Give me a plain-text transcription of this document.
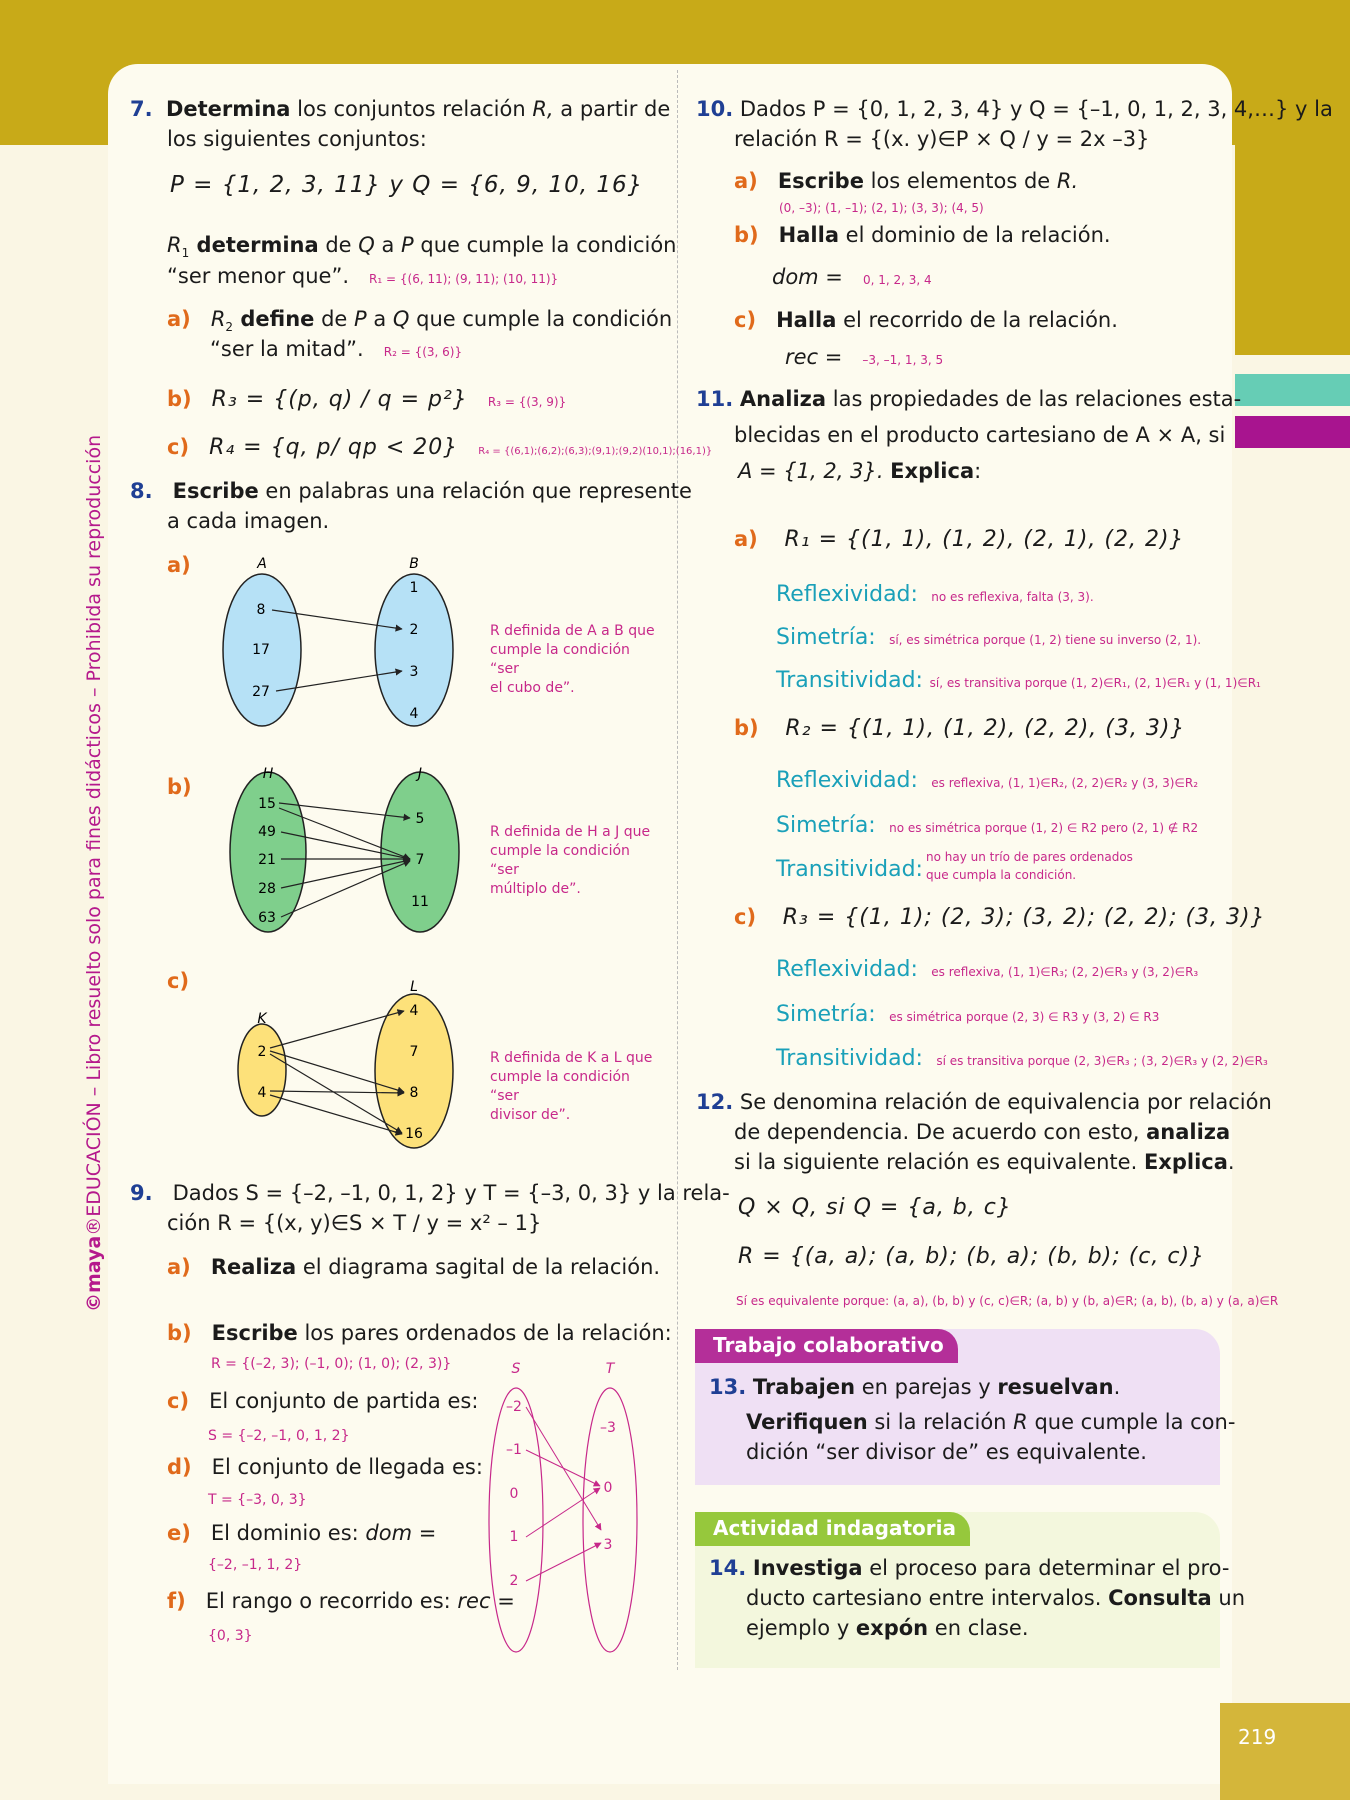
219
©maya®EDUCACIÓN – Libro resuelto solo para fines didácticos – Prohibida su reproducción
7. Determina los conjuntos relación R, a partir de
los siguientes conjuntos:
P = {1, 2, 3, 11} y Q = {6, 9, 10, 16}
$R_1$ determina de Q a P que cumple la condición
“ser menor que”. R₁ = {(6, 11); (9, 11); (10, 11)}
a) $R_2$ define de P a Q que cumple la condición
“ser la mitad”. R₂ = {(3, 6)}
b) R₃ = {(p, q) / q = p²} R₃ = {(3, 9)}
c) R₄ = {q, p/ qp < 20} R₄ = {(6,1);(6,2);(6,3);(9,1);(9,2)(10,1);(16,1)}
8. Escribe en palabras una relación que represente
a cada imagen.
a)
b)
c)
A	B
8
17
27
1
2
3
4
H	J
15
49
21
28
63
5
7
11
K
L
2
4
4
7
8
16
S	T
–2
–1
0
1
2
–3
0
3
R definida de A a B que
cumple la condición “ser
el cubo de”.
R definida de H a J que
cumple la condición “ser
múltiplo de”.
R definida de K a L que
cumple la condición “ser
divisor de”.
9. Dados S = {–2, –1, 0, 1, 2} y T = {–3, 0, 3} y la rela-
ción R = {(x, y)∈S × T / y = x² – 1}
a) Realiza el diagrama sagital de la relación.
b) Escribe los pares ordenados de la relación:
R = {(–2, 3); (–1, 0); (1, 0); (2, 3)}
c) El conjunto de partida es:
S = {–2, –1, 0, 1, 2}
d) El conjunto de llegada es:
T = {–3, 0, 3}
e) El dominio es: dom =
{–2, –1, 1, 2}
f) El rango o recorrido es: rec =
{0, 3}
10. Dados P = {0, 1, 2, 3, 4} y Q = {–1, 0, 1, 2, 3, 4,…} y la
relación R = {(x. y)∈P × Q / y = 2x –3}
a) Escribe los elementos de R.
(0, –3); (1, –1); (2, 1); (3, 3); (4, 5)
b) Halla el dominio de la relación.
dom = 0, 1, 2, 3, 4
c) Halla el recorrido de la relación.
rec = –3, –1, 1, 3, 5
11. Analiza las propiedades de las relaciones esta-
blecidas en el producto cartesiano de A × A, si
A = {1, 2, 3}. Explica:
a) R₁ = {(1, 1), (1, 2), (2, 1), (2, 2)}
Reflexividad: no es reflexiva, falta (3, 3).
Simetría: sí, es simétrica porque (1, 2) tiene su inverso (2, 1).
Transitividad: sí, es transitiva porque (1, 2)∈R₁, (2, 1)∈R₁ y (1, 1)∈R₁
b) R₂ = {(1, 1), (1, 2), (2, 2), (3, 3)}
Reflexividad: es reflexiva, (1, 1)∈R₂, (2, 2)∈R₂ y (3, 3)∈R₂
Simetría: no es simétrica porque (1, 2) ∈ R2 pero (2, 1) ∉ R2
Transitividad: no hay un trío de pares ordenados
que cumpla la condición.
c) R₃ = {(1, 1); (2, 3); (3, 2); (2, 2); (3, 3)}
Reflexividad: es reflexiva, (1, 1)∈R₃; (2, 2)∈R₃ y (3, 2)∈R₃
Simetría: es simétrica porque (2, 3) ∈ R3 y (3, 2) ∈ R3
Transitividad: sí es transitiva porque (2, 3)∈R₃ ; (3, 2)∈R₃ y (2, 2)∈R₃
12. Se denomina relación de equivalencia por relación
de dependencia. De acuerdo con esto, analiza
si la siguiente relación es equivalente. Explica.
Q × Q, si Q = {a, b, c}
R = {(a, a); (a, b); (b, a); (b, b); (c, c)}
Sí es equivalente porque: (a, a), (b, b) y (c, c)∈R; (a, b) y (b, a)∈R; (a, b), (b, a) y (a, a)∈R
Trabajo colaborativo
13. Trabajen en parejas y resuelvan.
Verifiquen si la relación R que cumple la con-
dición “ser divisor de” es equivalente.
Actividad indagatoria
14. Investiga el proceso para determinar el pro-
ducto cartesiano entre intervalos. Consulta un
ejemplo y expón en clase.
